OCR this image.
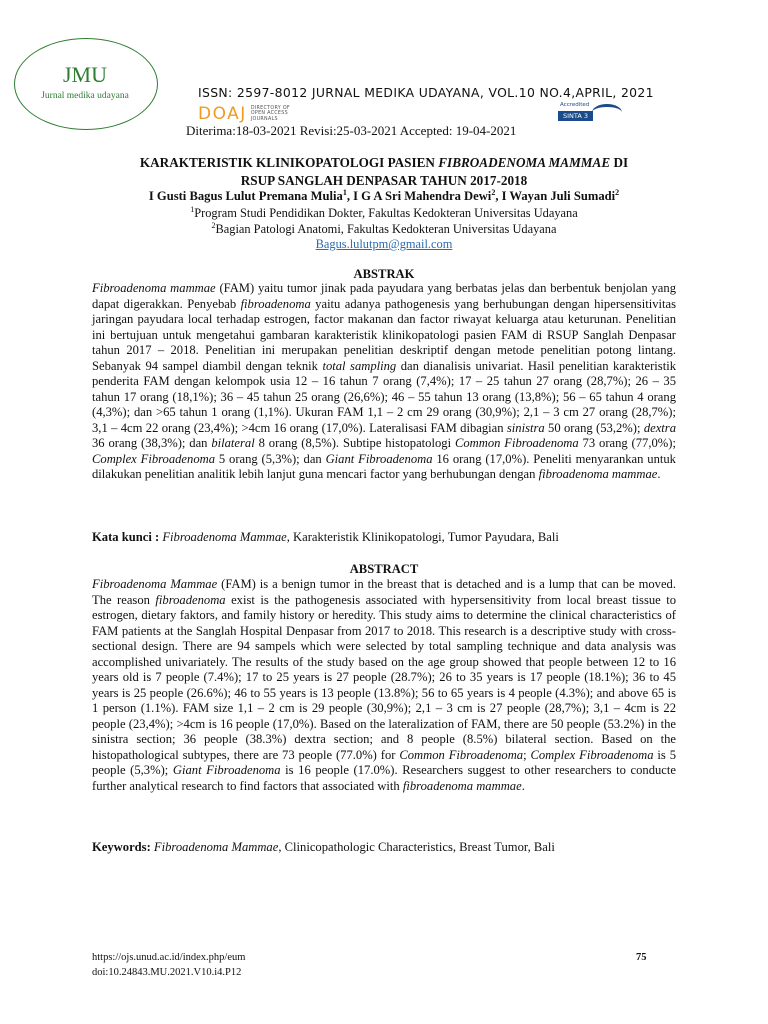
JMU
Jurnal medika udayana	ISSN: 2597-8012 JURNAL MEDIKA UDAYANA, VOL.10 NO.4,APRIL, 2021
DOAJ DIRECTORY OF
OPEN ACCESS
JOURNALS
Accredited
SINTA 3
Diterima:18-03-2021 Revisi:25-03-2021 Accepted: 19-04-2021
KARAKTERISTIK KLINIKOPATOLOGI PASIEN FIBROADENOMA MAMMAE DI
RSUP SANGLAH DENPASAR TAHUN 2017-2018
I Gusti Bagus Lulut Premana Mulia$^1$, I G A Sri Mahendra Dewi$^2$, I Wayan Juli Sumadi$^2$
$^1$Program Studi Pendidikan Dokter, Fakultas Kedokteran Universitas Udayana
$^2$Bagian Patologi Anatomi, Fakultas Kedokteran Universitas Udayana
Bagus.lulutpm@gmail.com
ABSTRAK

Fibroadenoma mammae (FAM) yaitu tumor jinak pada payudara yang berbatas jelas dan berbentuk benjolan yang dapat digerakkan. Penyebab fibroadenoma yaitu adanya pathogenesis yang berhubungan dengan hipersensitivitas jaringan payudara local terhadap estrogen, factor makanan dan factor riwayat keluarga atau keturunan. Penelitian ini bertujuan untuk mengetahui gambaran karakteristik klinikopatologi pasien FAM di RSUP Sanglah Denpasar tahun 2017 – 2018. Penelitian ini merupakan penelitian deskriptif dengan metode penelitian potong lintang. Sebanyak 94 sampel diambil dengan teknik total sampling dan dianalisis univariat. Hasil penelitian karakteristik penderita FAM dengan kelompok usia 12 – 16 tahun 7 orang (7,4%); 17 – 25 tahun 27 orang (28,7%); 26 – 35 tahun 17 orang (18,1%); 36 – 45 tahun 25 orang (26,6%); 46 – 55 tahun 13 orang (13,8%); 56 – 65 tahun 4 orang (4,3%); dan >65 tahun 1 orang (1,1%). Ukuran FAM 1,1 – 2 cm 29 orang (30,9%); 2,1 – 3 cm 27 orang (28,7%); 3,1 – 4cm 22 orang (23,4%); >4cm 16 orang (17,0%). Lateralisasi FAM dibagian sinistra 50 orang (53,2%); dextra 36 orang (38,3%); dan bilateral 8 orang (8,5%). Subtipe histopatologi Common Fibroadenoma 73 orang (77,0%); Complex Fibroadenoma 5 orang (5,3%); dan Giant Fibroadenoma 16 orang (17,0%). Peneliti menyarankan untuk dilakukan penelitian analitik lebih lanjut guna mencari factor yang berhubungan dengan fibroadenoma mammae.

Kata kunci : Fibroadenoma Mammae, Karakteristik Klinikopatologi, Tumor Payudara, Bali
ABSTRACT

Fibroadenoma Mammae (FAM) is a benign tumor in the breast that is detached and is a lump that can be moved. The reason fibroadenoma exist is the pathogenesis associated with hypersensitivity from local breast tissue to estrogen, dietary faktors, and family history or heredity. This study aims to determine the clinical characteristics of FAM patients at the Sanglah Hospital Denpasar from 2017 to 2018. This research is a descriptive study with cross-sectional design. There are 94 sampels which were selected by total sampling technique and data analysis was accomplished univariately. The results of the study based on the age group showed that people between 12 to 16 years old is 7 people (7.4%); 17 to 25 years is 27 people (28.7%); 26 to 35 years is 17 people (18.1%); 36 to 45 years is 25 people (26.6%); 46 to 55 years is 13 people (13.8%); 56 to 65 years is 4 people (4.3%); and above 65 is 1 person (1.1%). FAM size 1,1 – 2 cm is 29 people (30,9%); 2,1 – 3 cm is 27 people (28,7%); 3,1 – 4cm is 22 people (23,4%); >4cm is 16 people (17,0%). Based on the lateralization of FAM, there are 50 people (53.2%) in the sinistra section; 36 people (38.3%) dextra section; and 8 people (8.5%) bilateral section. Based on the histopathological subtypes, there are 73 people (77.0%) for Common Fibroadenoma; Complex Fibroadenoma is 5 people (5,3%); Giant Fibroadenoma is 16 people (17.0%). Researchers suggest to other researchers to conducte further analytical research to find factors that associated with fibroadenoma mammae.

Keywords: Fibroadenoma Mammae, Clinicopathologic Characteristics, Breast Tumor, Bali
https://ojs.unud.ac.id/index.php/eum
doi:10.24843.MU.2021.V10.i4.P12
75
